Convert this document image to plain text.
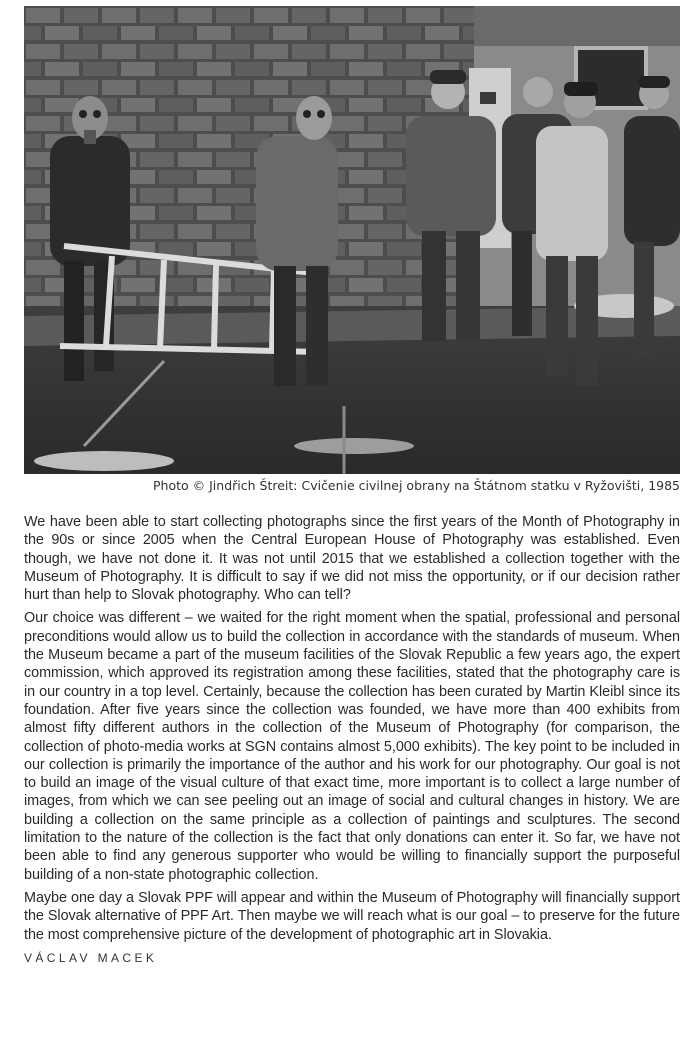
Photo © Jindřich Štreit: Cvičenie civilnej obrany na Štátnom statku v Ryžovišti, 1985

We have been able to start collecting photographs since the first years of the Month of Photography in the 90s or since 2005 when the Central European House of Photography was established. Even though, we have not done it. It was not until 2015 that we established a collection together with the Museum of Photography. It is difficult to say if we did not miss the opportunity, or if our decision rather hurt than help to Slovak photography. Who can tell?

Our choice was different – we waited for the right moment when the spatial, professional and personal preconditions would allow us to build the collection in accordance with the standards of museum. When the Museum became a part of the museum facilities of the Slovak Republic a few years ago, the expert commission, which approved its registration among these facilities, stated that the photography care is in our country in a top level. Certainly, because the collection has been curated by Martin Kleibl since its foundation. After five years since the collection was founded, we have more than 400 exhibits from almost fifty different authors in the collection of the Museum of Photography (for comparison, the collection of photo-media works at SGN contains almost 5,000 exhibits). The key point to be included in our collection is primarily the importance of the author and his work for our photography. Our goal is not to build an image of the visual culture of that exact time, more important is to collect a large number of images, from which we can see peeling out an image of social and cultural changes in history. We are building a collection on the same principle as a collection of paintings and sculptures. The second limitation to the nature of the collection is the fact that only donations can enter it. So far, we have not been able to find any generous supporter who would be willing to financially support the purposeful building of a non-state photographic collection.

Maybe one day a Slovak PPF will appear and within the Museum of Photography will financially support the Slovak alternative of PPF Art. Then maybe we will reach what is our goal – to preserve for the future the most comprehensive picture of the development of photographic art in Slovakia.

VÁCLAV MACEK
